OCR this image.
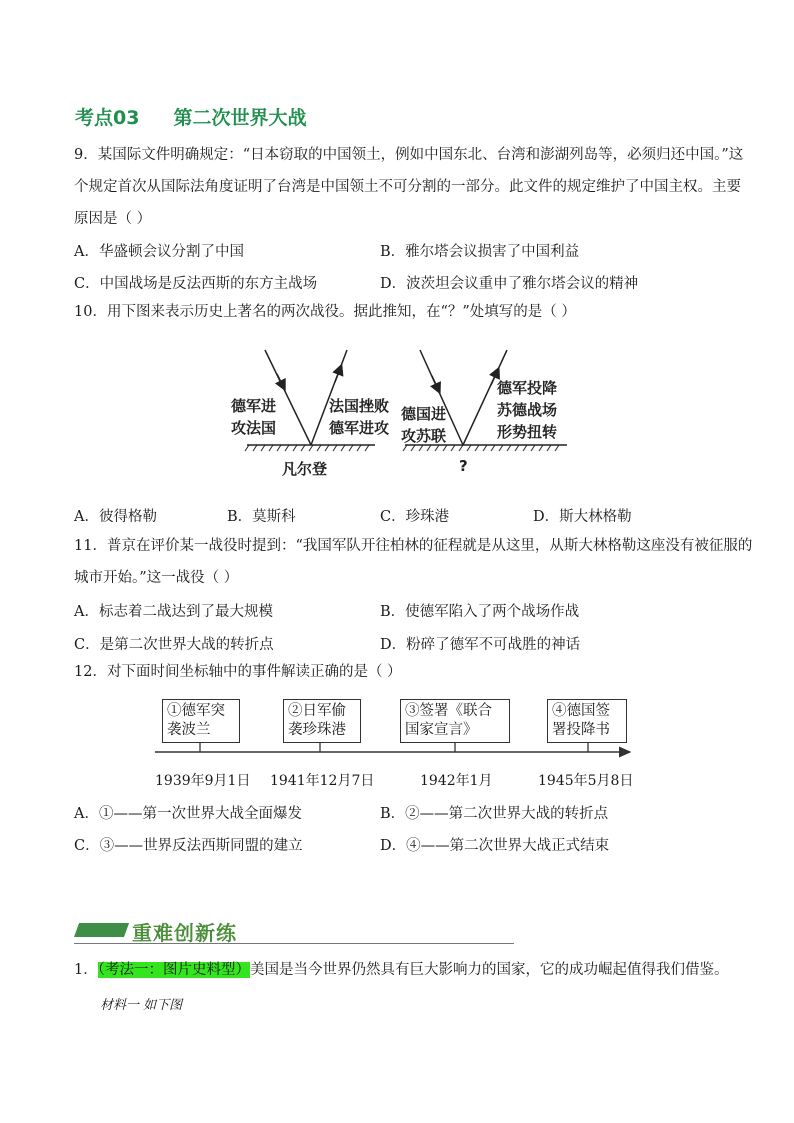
考点03 第二次世界大战
9．某国际文件明确规定：“日本窃取的中国领土，例如中国东北、台湾和澎湖列岛等，必须归还中国。”这
个规定首次从国际法角度证明了台湾是中国领土不可分割的一部分。此文件的规定维护了中国主权。主要
原因是（ ）
A．华盛顿会议分割了中国	B．雅尔塔会议损害了中国利益
C．中国战场是反法西斯的东方主战场	D．波茨坦会议重申了雅尔塔会议的精神
10．用下图来表示历史上著名的两次战役。据此推知，在“？”处填写的是（ ）
德军进
攻法国
法国挫败
德军进攻
凡尔登
德国进
攻苏联
德军投降
苏德战场
形势扭转
?
A．彼得格勒	B．莫斯科	C．珍珠港	D．斯大林格勒
11．普京在评价某一战役时提到：“我国军队开往柏林的征程就是从这里，从斯大林格勒这座没有被征服的
城市开始。”这一战役（ ）
A．标志着二战达到了最大规模	B．使德军陷入了两个战场作战
C．是第二次世界大战的转折点	D．粉碎了德军不可战胜的神话
12．对下面时间坐标轴中的事件解读正确的是（ ）
①德军突
袭波兰
②日军偷
袭珍珠港
③签署《联合
国家宣言》
④德国签
署投降书
1939年9月1日 1941年12月7日	1942年1月	1945年5月8日
A．①——第一次世界大战全面爆发	B．②——第二次世界大战的转折点
C．③——世界反法西斯同盟的建立	D．④——第二次世界大战正式结束
重难创新练
1．（考法一：图片史料型）美国是当今世界仍然具有巨大影响力的国家，它的成功崛起值得我们借鉴。
材料一 如下图
